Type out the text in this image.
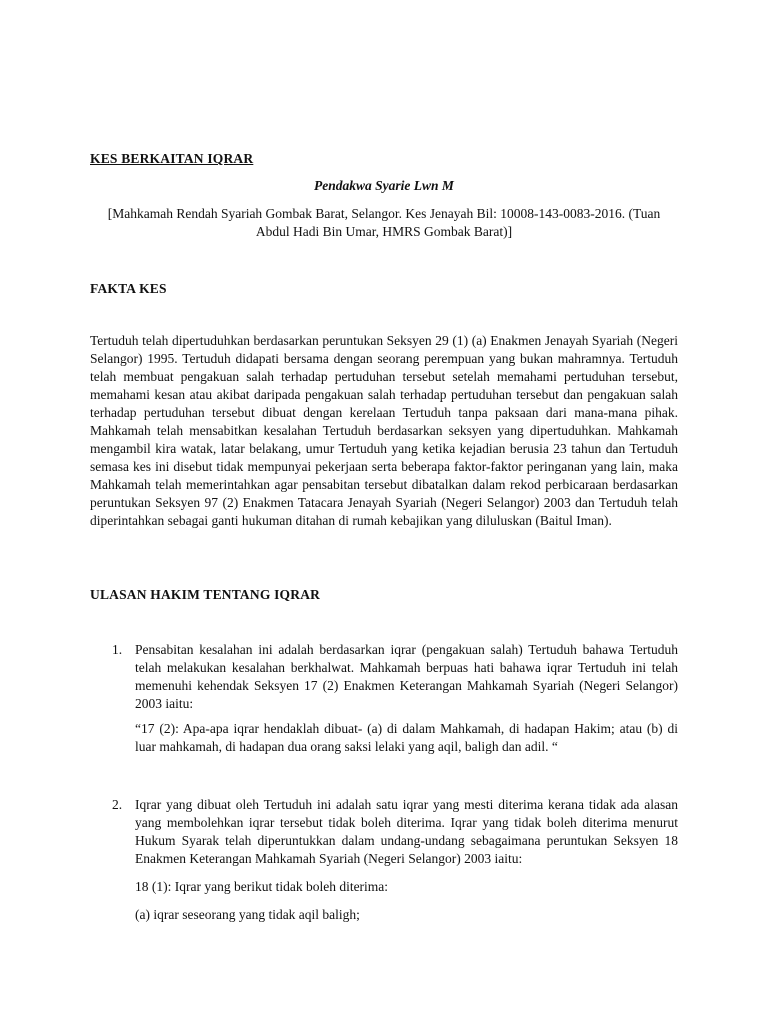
KES BERKAITAN IQRAR

Pendakwa Syarie Lwn M

[Mahkamah Rendah Syariah Gombak Barat, Selangor. Kes Jenayah Bil: 10008-143-0083-2016. (Tuan Abdul Hadi Bin Umar, HMRS Gombak Barat)]

FAKTA KES

Tertuduh telah dipertuduhkan berdasarkan peruntukan Seksyen 29 (1) (a) Enakmen Jenayah Syariah (Negeri Selangor) 1995. Tertuduh didapati bersama dengan seorang perempuan yang bukan mahramnya. Tertuduh telah membuat pengakuan salah terhadap pertuduhan tersebut setelah memahami pertuduhan tersebut, memahami kesan atau akibat daripada pengakuan salah terhadap pertuduhan tersebut dan pengakuan salah terhadap pertuduhan tersebut dibuat dengan kerelaan Tertuduh tanpa paksaan dari mana-mana pihak. Mahkamah telah mensabitkan kesalahan Tertuduh berdasarkan seksyen yang dipertuduhkan. Mahkamah mengambil kira watak, latar belakang, umur Tertuduh yang ketika kejadian berusia 23 tahun dan Tertuduh semasa kes ini disebut tidak mempunyai pekerjaan serta beberapa faktor-faktor peringanan yang lain, maka Mahkamah telah memerintahkan agar pensabitan tersebut dibatalkan dalam rekod perbicaraan berdasarkan peruntukan Seksyen 97 (2) Enakmen Tatacara Jenayah Syariah (Negeri Selangor) 2003 dan Tertuduh telah diperintahkan sebagai ganti hukuman ditahan di rumah kebajikan yang diluluskan (Baitul Iman).

ULASAN HAKIM TENTANG IQRAR
1. Pensabitan kesalahan ini adalah berdasarkan iqrar (pengakuan salah) Tertuduh bahawa Tertuduh telah melakukan kesalahan berkhalwat. Mahkamah berpuas hati bahawa iqrar Tertuduh ini telah memenuhi kehendak Seksyen 17 (2) Enakmen Keterangan Mahkamah Syariah (Negeri Selangor) 2003 iaitu:

“17 (2): Apa-apa iqrar hendaklah dibuat- (a) di dalam Mahkamah, di hadapan Hakim; atau (b) di luar mahkamah, di hadapan dua orang saksi lelaki yang aqil, baligh dan adil. “

2. Iqrar yang dibuat oleh Tertuduh ini adalah satu iqrar yang mesti diterima kerana tidak ada alasan yang membolehkan iqrar tersebut tidak boleh diterima. Iqrar yang tidak boleh diterima menurut Hukum Syarak telah diperuntukkan dalam undang-undang sebagaimana peruntukan Seksyen 18 Enakmen Keterangan Mahkamah Syariah (Negeri Selangor) 2003 iaitu:

18 (1): Iqrar yang berikut tidak boleh diterima:

(a) iqrar seseorang yang tidak aqil baligh;
